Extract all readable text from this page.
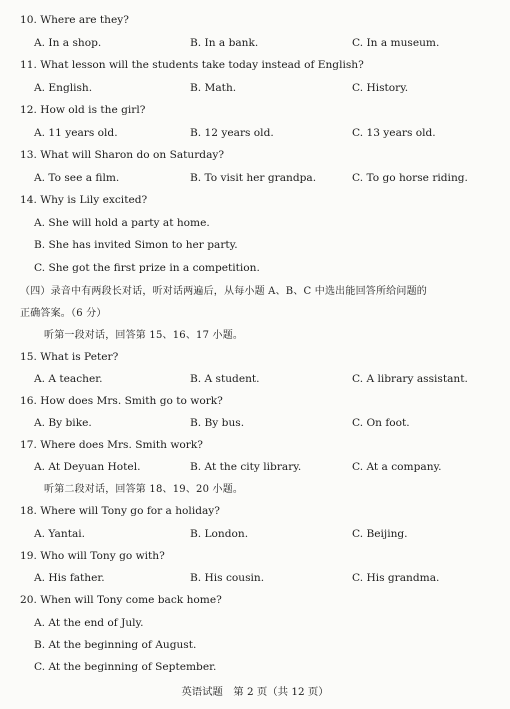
10. Where are they?
A. In a shop.	B. In a bank.	C. In a museum.
11. What lesson will the students take today instead of English?
A. English.	B. Math.	C. History.
12. How old is the girl?
A. 11 years old.	B. 12 years old.	C. 13 years old.
13. What will Sharon do on Saturday?
A. To see a film.	B. To visit her grandpa.	C. To go horse riding.
14. Why is Lily excited?
A. She will hold a party at home.
B. She has invited Simon to her party.
C. She got the first prize in a competition.
（四）录音中有两段长对话，听对话两遍后，从每小题 A、B、C 中选出能回答所给问题的
正确答案。（6 分）
听第一段对话，回答第 15、16、17 小题。
15. What is Peter?
A. A teacher.	B. A student.	C. A library assistant.
16. How does Mrs. Smith go to work?
A. By bike.	B. By bus.	C. On foot.
17. Where does Mrs. Smith work?
A. At Deyuan Hotel.	B. At the city library.	C. At a company.
听第二段对话，回答第 18、19、20 小题。
18. Where will Tony go for a holiday?
A. Yantai.	B. London.	C. Beijing.
19. Who will Tony go with?
A. His father.	B. His cousin.	C. His grandma.
20. When will Tony come back home?
A. At the end of July.
B. At the beginning of August.
C. At the beginning of September.
英语试题　第 2 页（共 12 页）
